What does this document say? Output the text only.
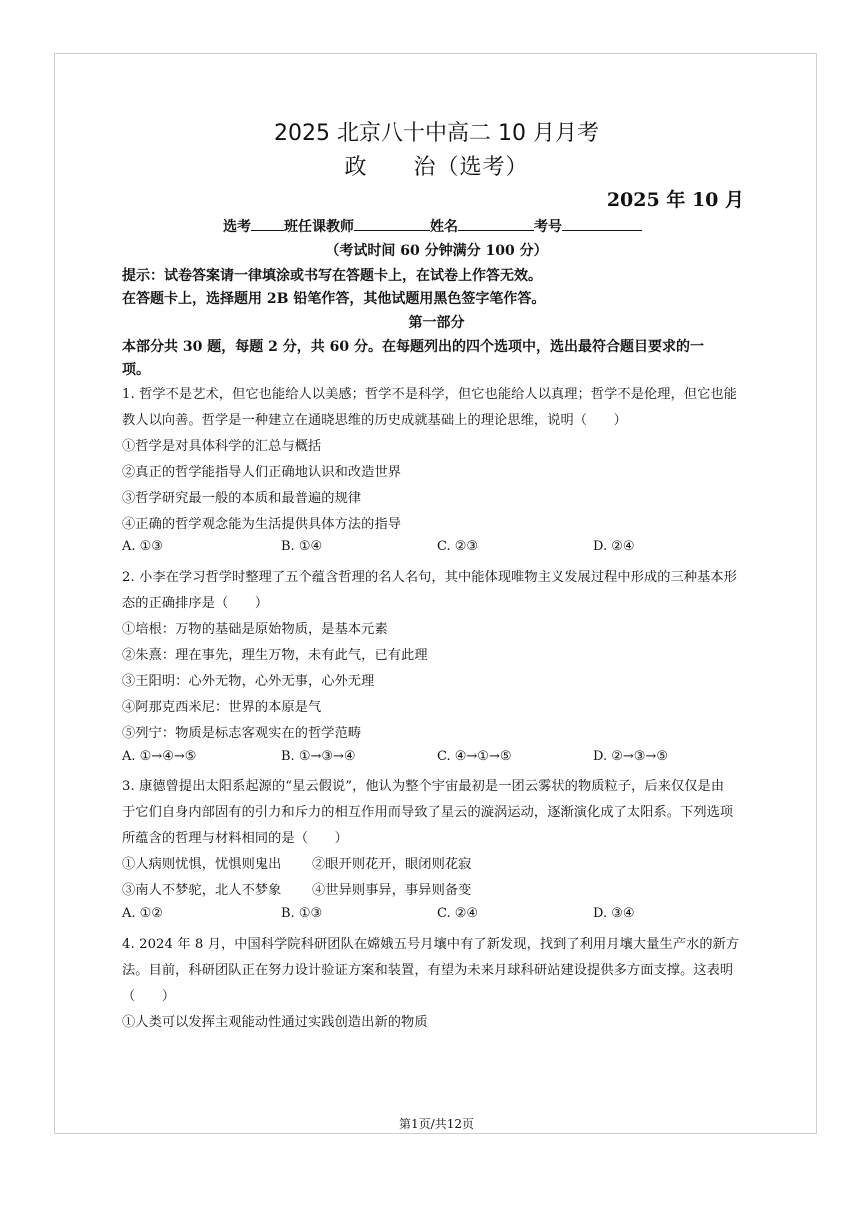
2025 北京八十中高二 10 月月考
政　　治（选考）
2025 年 10 月
选考 班任课教师	姓名	考号
（考试时间 60 分钟满分 100 分）
提示：试卷答案请一律填涂或书写在答题卡上，在试卷上作答无效。
在答题卡上，选择题用 2B 铅笔作答，其他试题用黑色签字笔作答。
第一部分
本部分共 30 题，每题 2 分，共 60 分。在每题列出的四个选项中，选出最符合题目要求的一
项。
1. 哲学不是艺术，但它也能给人以美感；哲学不是科学，但它也能给人以真理；哲学不是伦理，但它也能
教人以向善。哲学是一种建立在通晓思维的历史成就基础上的理论思维，说明（　　）
①哲学是对具体科学的汇总与概括
②真正的哲学能指导人们正确地认识和改造世界
③哲学研究最一般的本质和最普遍的规律
④正确的哲学观念能为生活提供具体方法的指导
A. ①③	B. ①④	C. ②③	D. ②④
2. 小李在学习哲学时整理了五个蕴含哲理的名人名句，其中能体现唯物主义发展过程中形成的三种基本形
态的正确排序是（　　）
①培根：万物的基础是原始物质，是基本元素
②朱熹：理在事先，理生万物，未有此气，已有此理
③王阳明：心外无物，心外无事，心外无理
④阿那克西米尼：世界的本原是气
⑤列宁：物质是标志客观实在的哲学范畴
A. ①→④→⑤	B. ①→③→④	C. ④→①→⑤	D. ②→③→⑤
3. 康德曾提出太阳系起源的“星云假说”，他认为整个宇宙最初是一团云雾状的物质粒子，后来仅仅是由
于它们自身内部固有的引力和斥力的相互作用而导致了星云的漩涡运动，逐渐演化成了太阳系。下列选项
所蕴含的哲理与材料相同的是（　　）
①人病则忧惧，忧惧则鬼出 ②眼开则花开，眼闭则花寂
③南人不梦驼，北人不梦象 ④世异则事异，事异则备变
A. ①②	B. ①③	C. ②④	D. ③④
4. 2024 年 8 月，中国科学院科研团队在嫦娥五号月壤中有了新发现，找到了利用月壤大量生产水的新方
法。目前，科研团队正在努力设计验证方案和装置，有望为未来月球科研站建设提供多方面支撑。这表明
（　　）
①人类可以发挥主观能动性通过实践创造出新的物质
第1页/共12页
